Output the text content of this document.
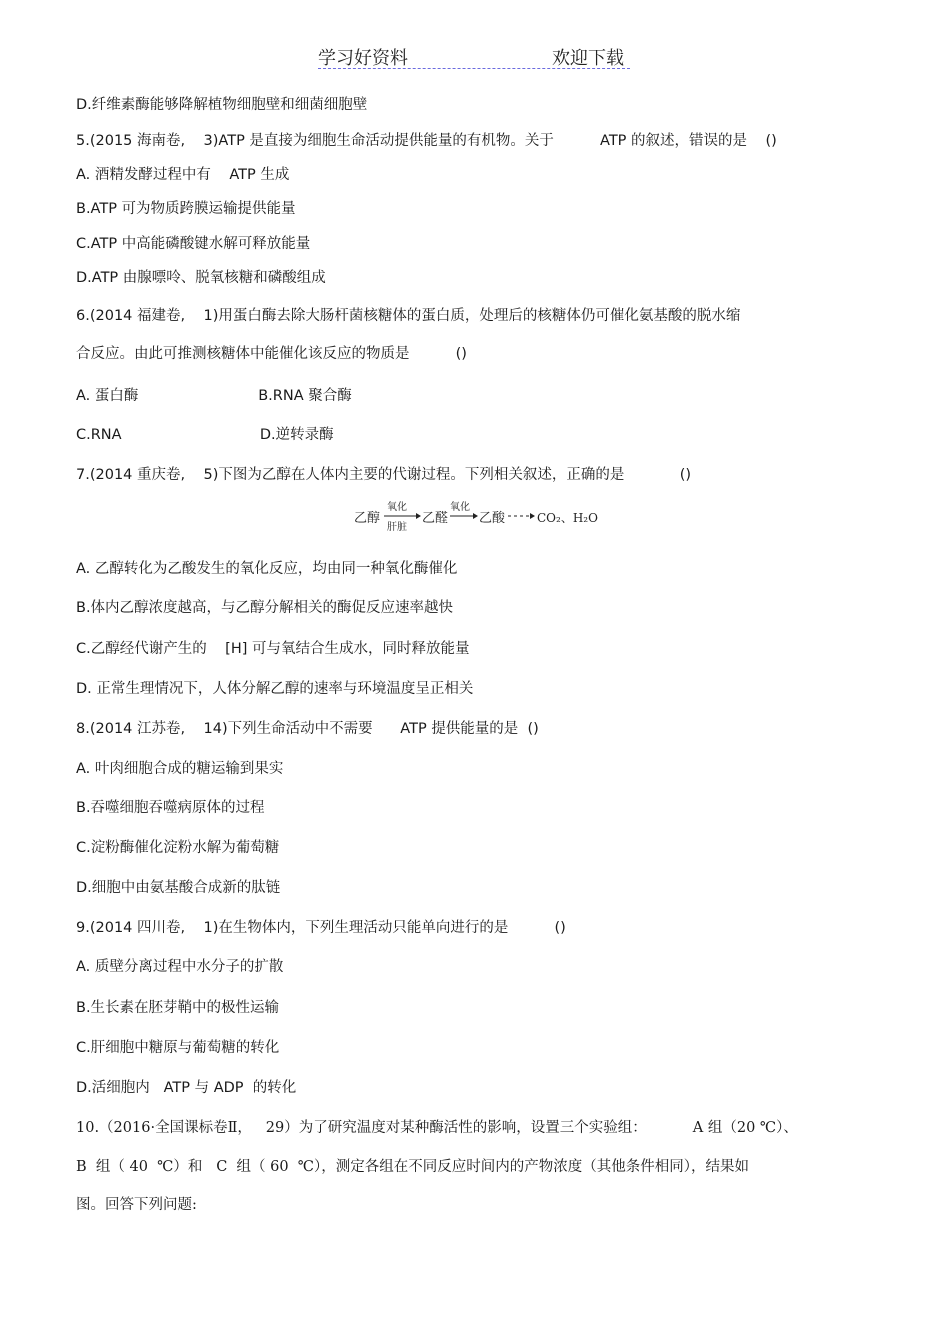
学习好资料	欢迎下载
D.纤维素酶能够降解植物细胞壁和细菌细胞壁
5.(2015 海南卷,    3)ATP 是直接为细胞生命活动提供能量的有机物。关于          ATP 的叙述，错误的是    ()
A. 酒精发酵过程中有    ATP 生成
B.ATP 可为物质跨膜运输提供能量
C.ATP 中高能磷酸键水解可释放能量
D.ATP 由腺嘌呤、脱氧核糖和磷酸组成
6.(2014 福建卷,    1)用蛋白酶去除大肠杆菌核糖体的蛋白质，处理后的核糖体仍可催化氨基酸的脱水缩
合反应。由此可推测核糖体中能催化该反应的物质是          ()
A. 蛋白酶                          B.RNA 聚合酶
C.RNA                              D.逆转录酶
7.(2014 重庆卷,    5)下图为乙醇在人体内主要的代谢过程。下列相关叙述，正确的是            ()
乙醇
氧化
肝脏
乙醛
氧化
乙酸	CO₂、H₂O
A. 乙醇转化为乙酸发生的氧化反应，均由同一种氧化酶催化
B.体内乙醇浓度越高，与乙醇分解相关的酶促反应速率越快
C.乙醇经代谢产生的    [H] 可与氧结合生成水，同时释放能量
D. 正常生理情况下，人体分解乙醇的速率与环境温度呈正相关
8.(2014 江苏卷,    14)下列生命活动中不需要      ATP 提供能量的是  ()
A. 叶肉细胞合成的糖运输到果实
B.吞噬细胞吞噬病原体的过程
C.淀粉酶催化淀粉水解为葡萄糖
D.细胞中由氨基酸合成新的肽链
9.(2014 四川卷,    1)在生物体内，下列生理活动只能单向进行的是          ()
A. 质壁分离过程中水分子的扩散
B.生长素在胚芽鞘中的极性运输
C.肝细胞中糖原与葡萄糖的转化
D.活细胞内   ATP 与 ADP  的转化
10.（2016·全国课标卷Ⅱ，   29）为了研究温度对某种酶活性的影响，设置三个实验组：          A 组（20 ℃）、
B  组（ 40  ℃）和   C  组（ 60  ℃），测定各组在不同反应时间内的产物浓度（其他条件相同），结果如
图。回答下列问题:
